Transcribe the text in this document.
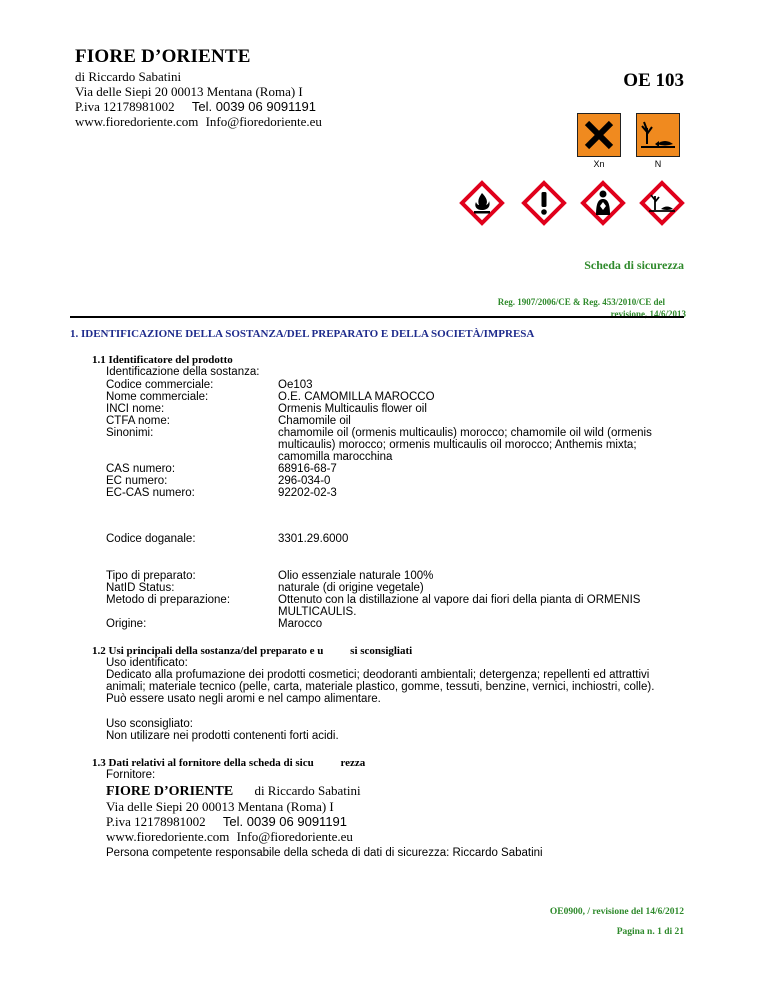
FIORE D’ORIENTE
di Riccardo Sabatini
Via delle Siepi 20 00013 Mentana (Roma) I
P.iva 12178981002 Tel. 0039 06 9091191
www.fioredoriente.com Info@fioredoriente.eu
OE 103
Xn	N
Scheda di sicurezza
Reg. 1907/2006/CE & Reg. 453/2010/CE del
revisione, 14/6/2013
1. IDENTIFICAZIONE DELLA SOSTANZA/DEL PREPARATO E DELLA SOCIETÀ/IMPRESA
1.1 Identificatore del prodotto
Identificazione della sostanza:
Codice commerciale:	Oe103
Nome commerciale:	O.E. CAMOMILLA MAROCCO
INCI nome:	Ormenis Multicaulis flower oil
CTFA nome:	Chamomile oil
Sinonimi:	chamomile oil (ormenis multicaulis) morocco; chamomile oil wild (ormenis
multicaulis) morocco; ormenis multicaulis oil morocco; Anthemis mixta;
camomilla marocchina
CAS numero:	68916-68-7
EC numero:	296-034-0
EC-CAS numero:	92202-02-3
Codice doganale:	3301.29.6000
Tipo di preparato:	Olio essenziale naturale 100%
NatID Status:	naturale (di origine vegetale)
Metodo di preparazione:	Ottenuto con la distillazione al vapore dai fiori della pianta di ORMENIS
MULTICAULIS.
Origine:	Marocco
1.2 Usi principali della sostanza/del preparato e u si sconsigliati
Uso identificato:
Dedicato alla profumazione dei prodotti cosmetici; deodoranti ambientali; detergenza; repellenti ed attrattivi
animali; materiale tecnico (pelle, carta, materiale plastico, gomme, tessuti, benzine, vernici, inchiostri, colle).
Può essere usato negli aromi e nel campo alimentare.
Uso sconsigliato:
Non utilizare nei prodotti contenenti forti acidi.
1.3 Dati relativi al fornitore della scheda di sicu rezza
Fornitore:
FIORE D’ORIENTE di Riccardo Sabatini
Via delle Siepi 20 00013 Mentana (Roma) I
P.iva 12178981002 Tel. 0039 06 9091191
www.fioredoriente.com Info@fioredoriente.eu
Persona competente responsabile della scheda di dati di sicurezza: Riccardo Sabatini
OE0900, / revisione del 14/6/2012
Pagina n. 1 di 21
